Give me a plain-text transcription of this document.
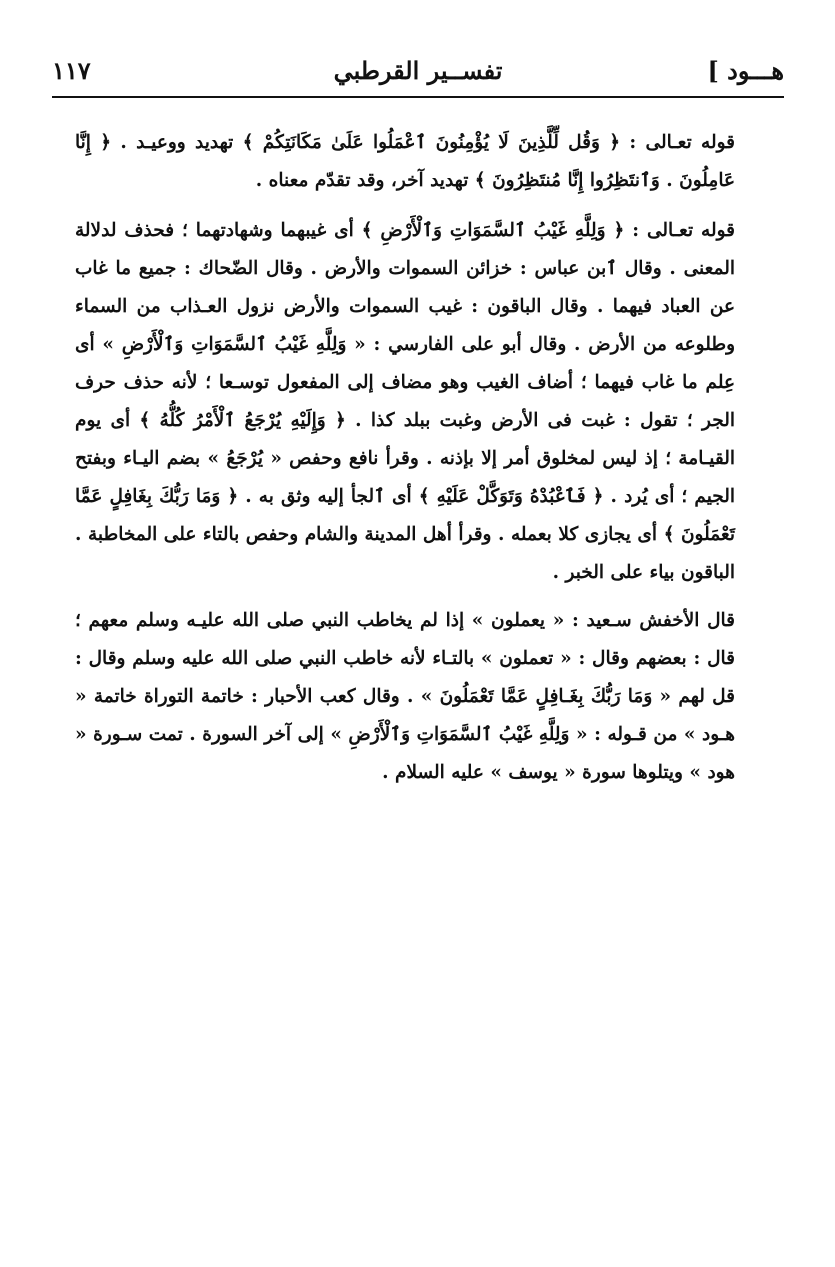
هـــود ]
تفســير القرطبي
١١٧

قوله تعـالى : ﴿ وَقُل لِّلَّذِينَ لَا يُؤْمِنُونَ ٱعْمَلُوا عَلَىٰ مَكَانَتِكُمْ ﴾ تهديد ووعيـد . ﴿ إِنَّا عَامِلُونَ . وَٱنتَظِرُوا إِنَّا مُنتَظِرُونَ ﴾ تهديد آخر، وقد تقدّم معناه .

قوله تعـالى : ﴿ وَلِلَّهِ غَيْبُ ٱلسَّمَوَاتِ وَٱلْأَرْضِ ﴾ أى غيبهما وشهادتهما ؛ فحذف لدلالة المعنى . وقال ٱبن عباس : خزائن السموات والأرض . وقال الضّحاك : جميع ما غاب عن العباد فيهما . وقال الباقون : غيب السموات والأرض نزول العـذاب من السماء وطلوعه من الأرض . وقال أبو على الفارسي : « وَلِلَّهِ غَيْبُ ٱلسَّمَوَاتِ وَٱلْأَرْضِ » أى عِلم ما غاب فيهما ؛ أضاف الغيب وهو مضاف إلى المفعول توسـعا ؛ لأنه حذف حرف الجر ؛ تقول : غبت فى الأرض وغبت ببلد كذا . ﴿ وَإِلَيْهِ يُرْجَعُ ٱلْأَمْرُ كُلُّهُ ﴾ أى يوم القيـامة ؛ إذ ليس لمخلوق أمر إلا بإذنه . وقرأ نافع وحفص « يُرْجَعُ » بضم اليـاء وبفتح الجيم ؛ أى يُرد . ﴿ فَٱعْبُدْهُ وَتَوَكَّلْ عَلَيْهِ ﴾ أى ٱلجأ إليه وثق به . ﴿ وَمَا رَبُّكَ بِغَافِلٍ عَمَّا تَعْمَلُونَ ﴾ أى يجازى كلا بعمله . وقرأ أهل المدينة والشام وحفص بالتاء على المخاطبة . الباقون بياء على الخبر .

قال الأخفش سـعيد : « يعملون » إذا لم يخاطب النبي صلى الله عليـه وسلم معهم ؛ قال : بعضهم وقال : « تعملون » بالتـاء لأنه خاطب النبي صلى الله عليه وسلم وقال : قل لهم « وَمَا رَبُّكَ بِغَـافِلٍ عَمَّا تَعْمَلُونَ » . وقال كعب الأحبار : خاتمة التوراة خاتمة « هـود » من قـوله : « وَلِلَّهِ غَيْبُ ٱلسَّمَوَاتِ وَٱلْأَرْضِ » إلى آخر السورة . تمت سـورة « هود » ويتلوها سورة « يوسف » عليه السلام .
